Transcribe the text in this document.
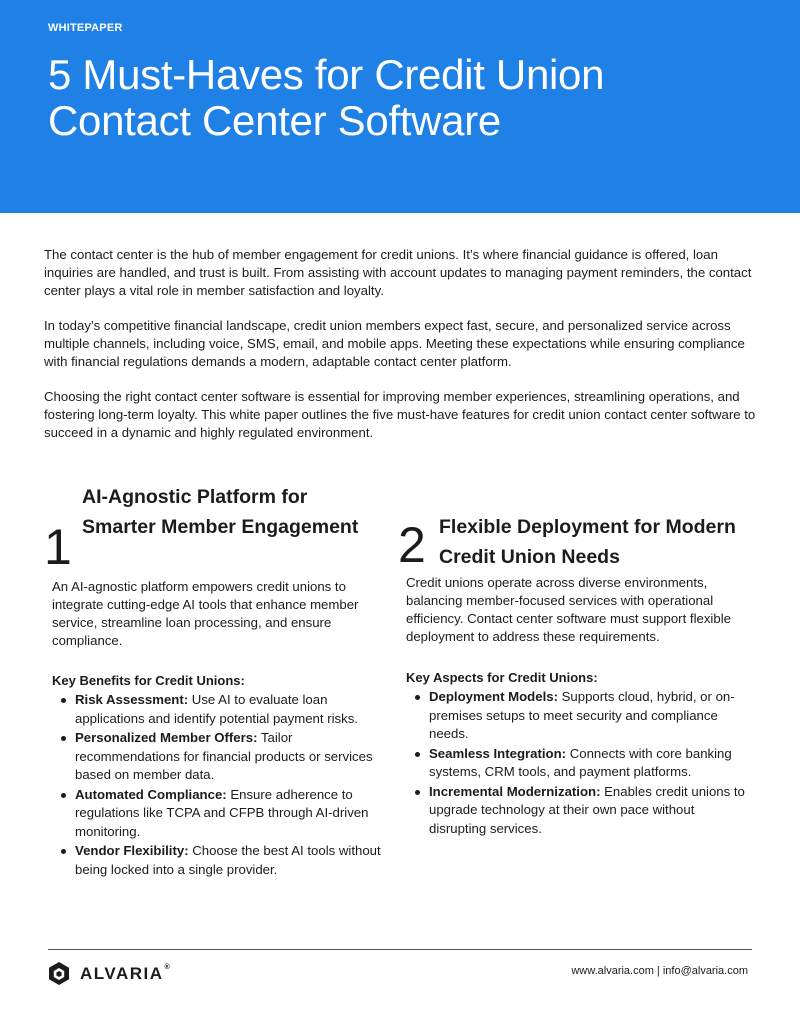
WHITEPAPER
5 Must-Haves for Credit Union Contact Center Software

The contact center is the hub of member engagement for credit unions. It’s where financial guidance is offered, loan inquiries are handled, and trust is built. From assisting with account updates to managing payment reminders, the contact center plays a vital role in member satisfaction and loyalty.

In today’s competitive financial landscape, credit union members expect fast, secure, and personalized service across multiple channels, including voice, SMS, email, and mobile apps. Meeting these expectations while ensuring compliance with financial regulations demands a modern, adaptable contact center platform.

Choosing the right contact center software is essential for improving member experiences, streamlining operations, and fostering long-term loyalty. This white paper outlines the five must-have features for credit union contact center software to succeed in a dynamic and highly regulated environment.

1
AI-Agnostic Platform for Smarter Member Engagement

An AI-agnostic platform empowers credit unions to integrate cutting-edge AI tools that enhance member service, streamline loan processing, and ensure compliance.

Key Benefits for Credit Unions:
Risk Assessment: Use AI to evaluate loan applications and identify potential payment risks.
Personalized Member Offers: Tailor recommendations for financial products or services based on member data.
Automated Compliance: Ensure adherence to regulations like TCPA and CFPB through AI-driven monitoring.
Vendor Flexibility: Choose the best AI tools without being locked into a single provider.
2 Flexible Deployment for Modern Credit Union Needs

Credit unions operate across diverse environments, balancing member-focused services with operational efficiency. Contact center software must support flexible deployment to address these requirements.

Key Aspects for Credit Unions:
Deployment Models: Supports cloud, hybrid, or on-premises setups to meet security and compliance needs.
Seamless Integration: Connects with core banking systems, CRM tools, and payment platforms.
Incremental Modernization: Enables credit unions to upgrade technology at their own pace without disrupting services.
ALVARIA®	www.alvaria.com | info@alvaria.com
